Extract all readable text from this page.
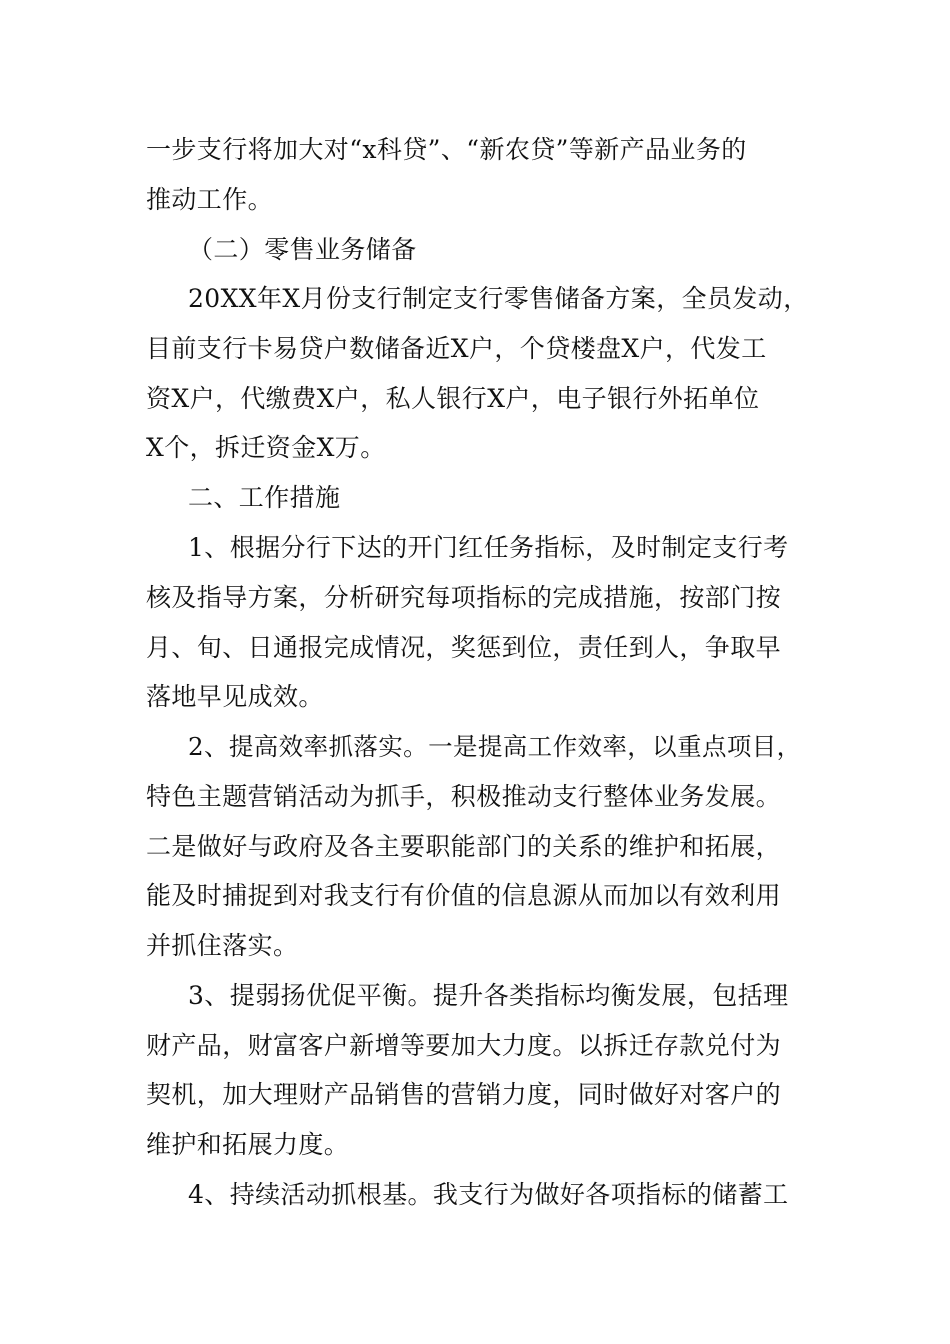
一步支行将加大对“x科贷”、“新农贷”等新产品业务的
推动工作。
（二）零售业务储备
20XX年X月份支行制定支行零售储备方案，全员发动，
目前支行卡易贷户数储备近X户，个贷楼盘X户，代发工
资X户，代缴费X户，私人银行X户，电子银行外拓单位
X个，拆迁资金X万。
二、工作措施
1、根据分行下达的开门红任务指标，及时制定支行考
核及指导方案，分析研究每项指标的完成措施，按部门按
月、旬、日通报完成情况，奖惩到位，责任到人，争取早
落地早见成效。
2、提高效率抓落实。一是提高工作效率，以重点项目，
特色主题营销活动为抓手，积极推动支行整体业务发展。
二是做好与政府及各主要职能部门的关系的维护和拓展，
能及时捕捉到对我支行有价值的信息源从而加以有效利用
并抓住落实。
3、提弱扬优促平衡。提升各类指标均衡发展，包括理
财产品，财富客户新增等要加大力度。以拆迁存款兑付为
契机，加大理财产品销售的营销力度，同时做好对客户的
维护和拓展力度。
4、持续活动抓根基。我支行为做好各项指标的储蓄工
